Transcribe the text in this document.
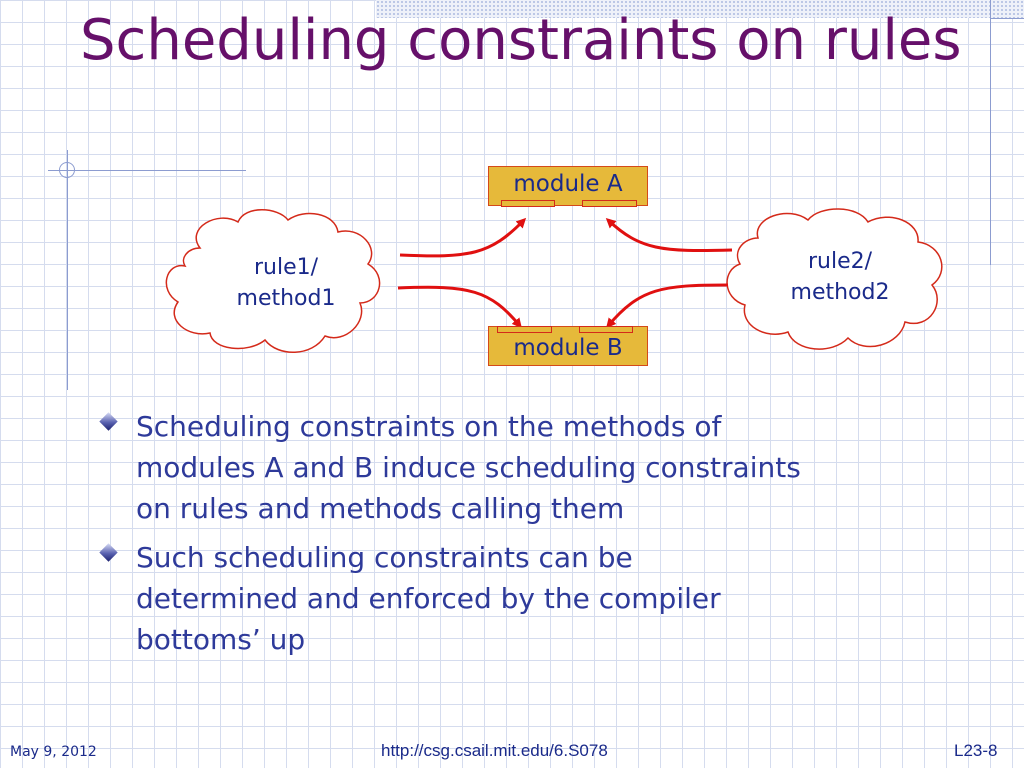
Scheduling constraints on rules
module A
module B
rule1/
method1
rule2/
method2
Scheduling constraints on the methods of
modules A and B induce scheduling constraints
on rules and methods calling them
Such scheduling constraints can be
determined and enforced by the compiler
bottoms’ up
May 9, 2012	http://csg.csail.mit.edu/6.S078	L23-8
